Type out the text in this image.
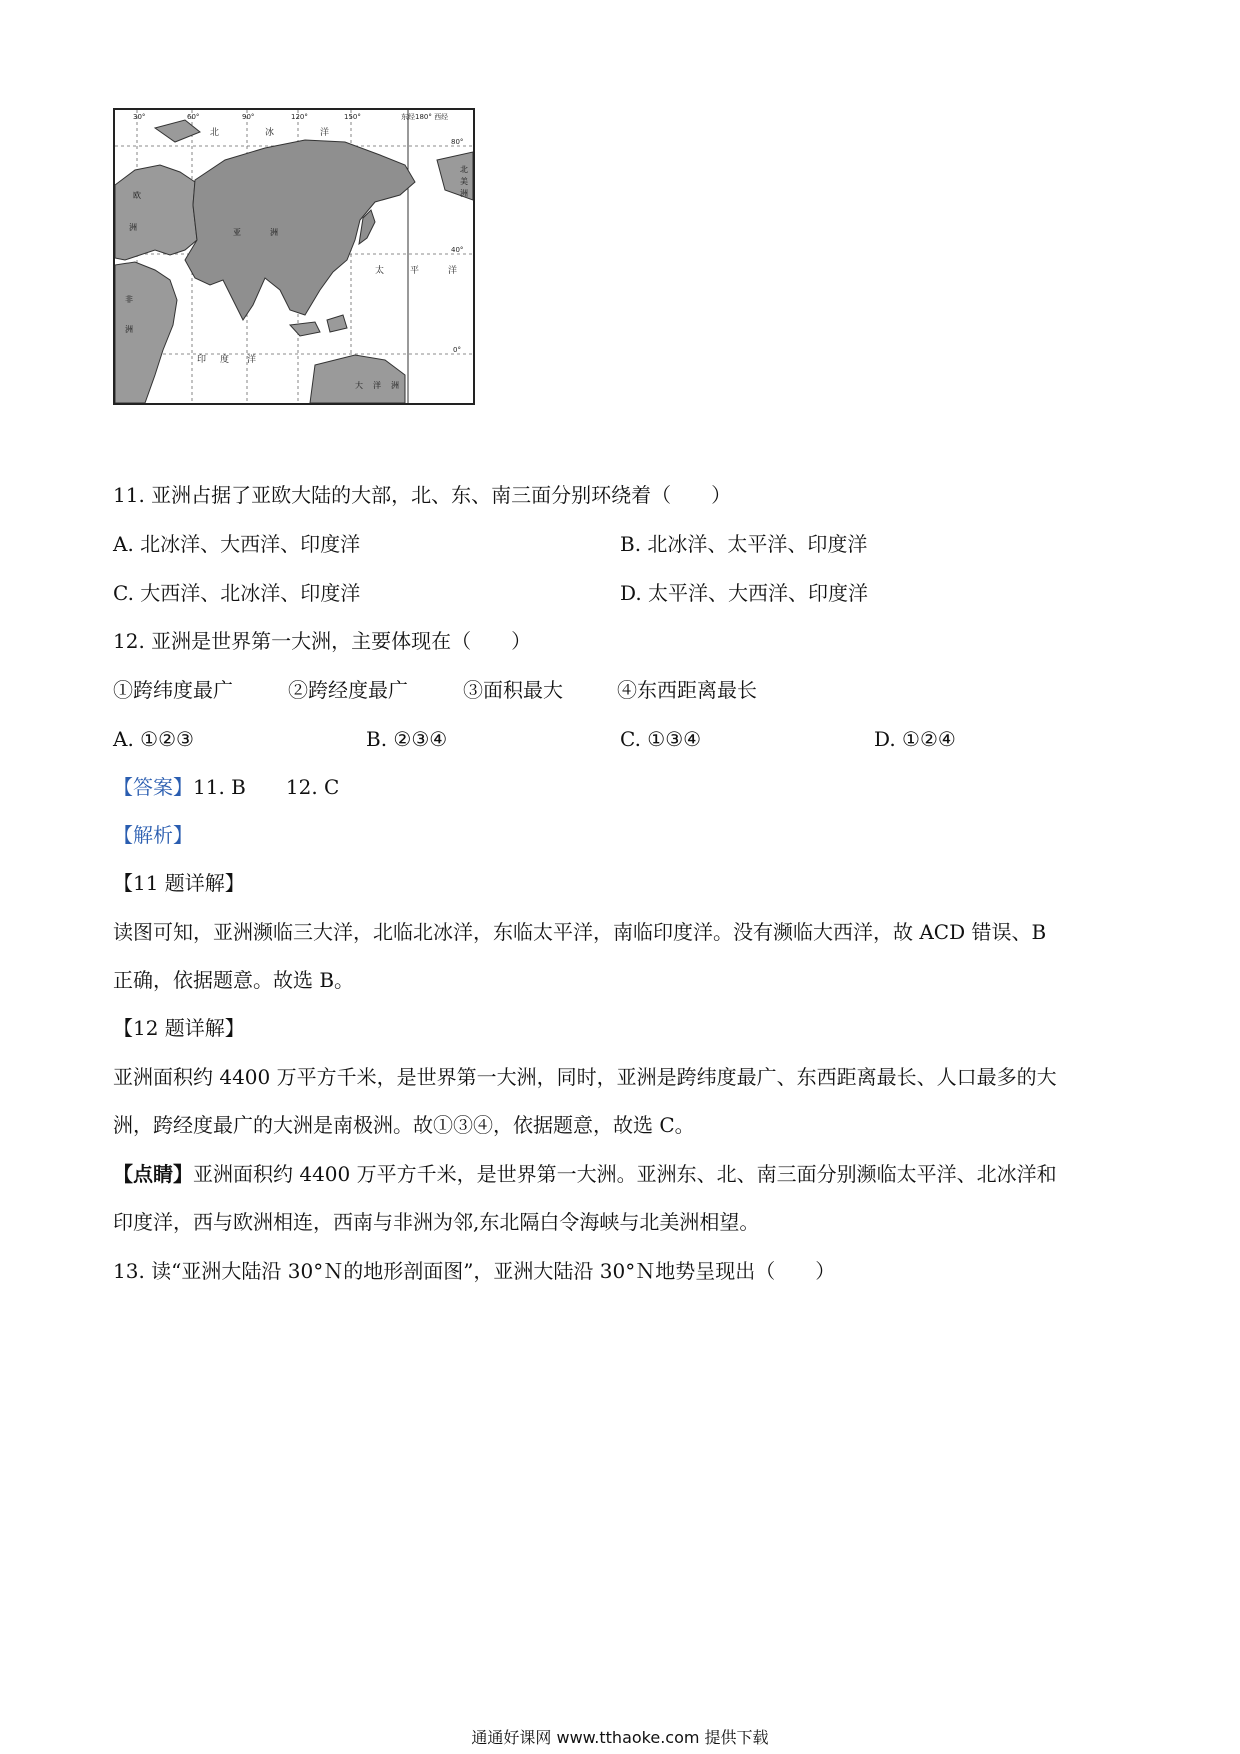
30°	60°	90°	120°	150°	东经180° 西经
80°
40°
0°
北	冰	洋
太	平	洋
印 度 洋
欧
洲
亚	洲
非
洲
北
美
洲
大 洋 洲
11. 亚洲占据了亚欧大陆的大部，北、东、南三面分别环绕着（　　）
A. 北冰洋、大西洋、印度洋	B. 北冰洋、太平洋、印度洋
C. 大西洋、北冰洋、印度洋	D. 太平洋、大西洋、印度洋
12. 亚洲是世界第一大洲，主要体现在（　　）
①跨纬度最广	②跨经度最广	③面积最大	④东西距离最长
A. ①②③	B. ②③④	C. ①③④	D. ①②④
【答案】11. B 12. C
【解析】
【11 题详解】
读图可知，亚洲濒临三大洋，北临北冰洋，东临太平洋，南临印度洋。没有濒临大西洋，故 ACD 错误、B
正确，依据题意。故选 B。
【12 题详解】
亚洲面积约 4400 万平方千米，是世界第一大洲，同时，亚洲是跨纬度最广、东西距离最长、人口最多的大
洲，跨经度最广的大洲是南极洲。故①③④，依据题意，故选 C。
【点睛】亚洲面积约 4400 万平方千米，是世界第一大洲。亚洲东、北、南三面分别濒临太平洋、北冰洋和
印度洋，西与欧洲相连，西南与非洲为邻,东北隔白令海峡与北美洲相望。
13. 读“亚洲大陆沿 30°Ｎ的地形剖面图”，亚洲大陆沿 30°Ｎ地势呈现出（　　）
通通好课网 www.tthaoke.com 提供下载
